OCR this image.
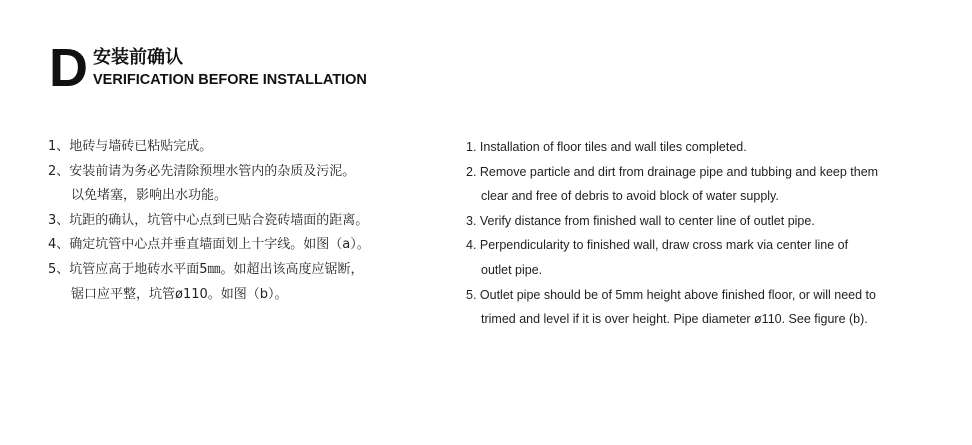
D 安装前确认
VERIFICATION BEFORE INSTALLATION
1、地砖与墙砖已粘贴完成。
2、安装前请为务必先清除预埋水管内的杂质及污泥。
以免堵塞，影响出水功能。
3、坑距的确认，坑管中心点到已贴合瓷砖墙面的距离。
4、确定坑管中心点并垂直墙面划上十字线。如图（a）。
5、坑管应高于地砖水平面5㎜。如超出该高度应锯断，
锯口应平整，坑管ø110。如图（b）。
1. Installation of floor tiles and wall tiles completed.
2. Remove particle and dirt from drainage pipe and tubbing and keep them
clear and free of debris to avoid block of water supply.
3. Verify distance from finished wall to center line of outlet pipe.
4. Perpendicularity to finished wall, draw cross mark via center line of
outlet pipe.
5. Outlet pipe should be of 5mm height above finished floor, or will need to
trimed and level if it is over height. Pipe diameter ø110. See figure (b).
